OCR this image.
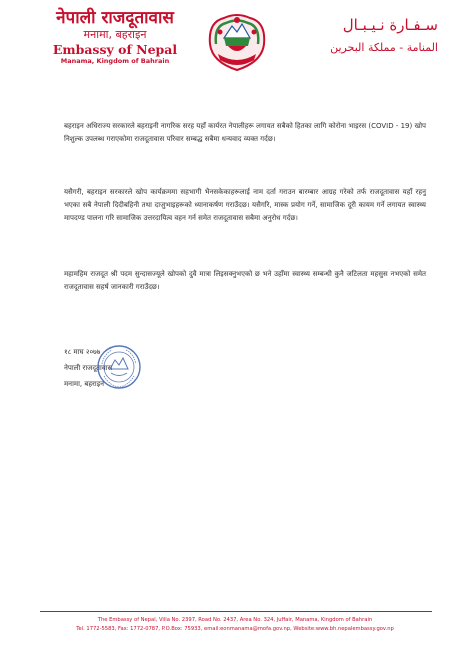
नेपाली राजदूतावास
मनामा, बहराइन
Embassy of Nepal
Manama, Kingdom of Bahrain
سـفـارة نـيـبـال
المنامة - مملكة البحرين

बहराइन अधिराज्य सरकारले बहराइनी नागरिक सरह यहाँ कार्यरत नेपालीहरू लगायत सबैको हितका लागि कोरोना भाइरस (COVID - 19) खोप निशुल्क उपलब्ध गराएकोमा राजदूतावास परिवार सम्बद्ध सबैमा धन्यवाद व्यक्त गर्दछ।

यसैगरी, बहराइन सरकारले खोप कार्यक्रममा सहभागी भैनसकेकाहरूलाई नाम दर्ता गराउन बारम्बार आग्रह गरेको तर्फ राजदूतावास यहाँ रहनु भएका सबै नेपाली दिदीबहिनी तथा दाजुभाइहरूको ध्यानाकर्षण गराउँदछ। यसैगरि, मास्क प्रयोग गर्ने, सामाजिक दूरी कायम गर्ने लगायत स्वास्थ्य मापदण्ड पालना गरि सामाजिक उत्तरदायित्व वहन गर्न समेत राजदूतावास सबैमा अनुरोध गर्दछ।

महामहिम राजदूत श्री पदम सुन्दासज्यूले खोपको दुवै मात्रा लिइसक्नुभएको छ भने उहाँमा स्वास्थ्य सम्बन्धी कुनै जटिलता महसुस नभएको समेत राजदूतावास सहर्ष जानकारी गराउँदछ।

१८ माघ २०७७
नेपाली राजदूतावास
मनामा, बहराइन
The Embassy of Nepal, Villa No. 2397, Road No. 2437, Area No. 324, Juffair, Manama, Kingdom of Bahrain
Tel. 1772-5583, Fax: 1772-0787, P.O.Box: 75933, email:eonmanama@mofa.gov.np, Website:www.bh.nepalembassy.gov.np
